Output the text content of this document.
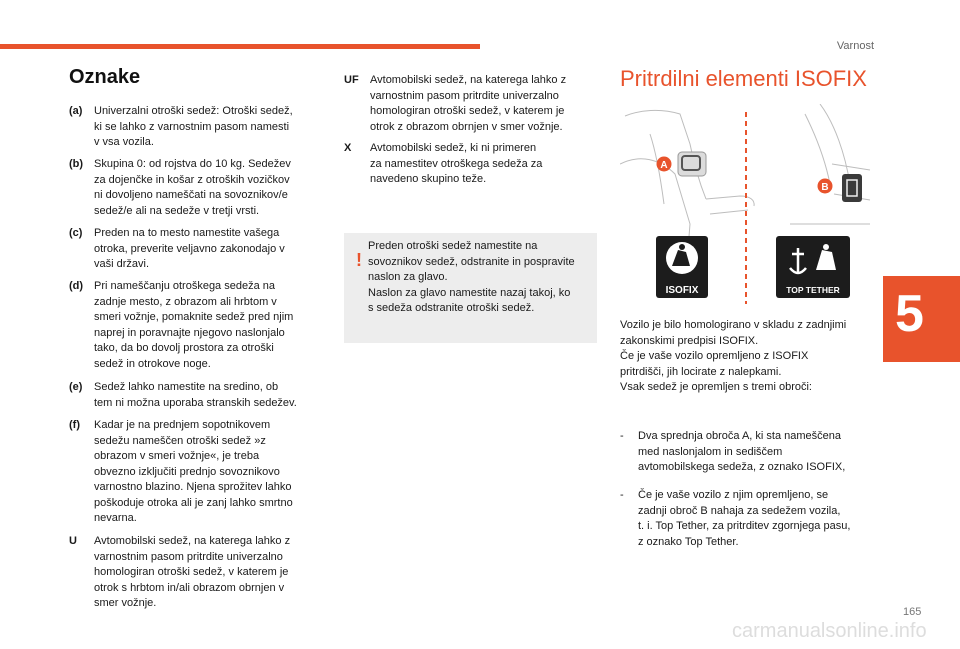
Varnost
Oznake
(a)	Univerzalni otroški sedež: Otroški sedež,
ki se lahko z varnostnim pasom namesti
v vsa vozila.
(b) Skupina 0: od rojstva do 10 kg. Sedežev
za dojenčke in košar z otroških vozičkov
ni dovoljeno nameščati na sovoznikov/e
sedež/e ali na sedeže v tretji vrsti.
(c)	Preden na to mesto namestite vašega
otroka, preverite veljavno zakonodajo v
vaši državi.
(d) Pri nameščanju otroškega sedeža na
zadnje mesto, z obrazom ali hrbtom v
smeri vožnje, pomaknite sedež pred njim
naprej in poravnajte njegovo naslonjalo
tako, da bo dovolj prostora za otroški
sedež in otrokove noge.
(e)	Sedež lahko namestite na sredino, ob
tem ni možna uporaba stranskih sedežev.
(f)	Kadar je na prednjem sopotnikovem
sedežu nameščen otroški sedež »z
obrazom v smeri vožnje«, je treba
obvezno izključiti prednjo sovoznikovo
varnostno blazino. Njena sprožitev lahko
poškoduje otroka ali je zanj lahko smrtno
nevarna.
U	Avtomobilski sedež, na katerega lahko z
varnostnim pasom pritrdite univerzalno
homologiran otroški sedež, v katerem je
otrok s hrbtom in/ali obrazom obrnjen v
smer vožnje.
UF	Avtomobilski sedež, na katerega lahko z
varnostnim pasom pritrdite univerzalno
homologiran otroški sedež, v katerem je
otrok z obrazom obrnjen v smer vožnje.
X	Avtomobilski sedež, ki ni primeren
za namestitev otroškega sedeža za
navedeno skupino teže.
!
Preden otroški sedež namestite na
sovoznikov sedež, odstranite in pospravite
naslon za glavo.
Naslon za glavo namestite nazaj takoj, ko
s sedeža odstranite otroški sedež.
Pritrdilni elementi ISOFIX
A
B
ISOFIX	TOP TETHER
Vozilo je bilo homologirano v skladu z zadnjimi
zakonskimi predpisi ISOFIX.
Če je vaše vozilo opremljeno z ISOFIX
pritrdišči, jih locirate z nalepkami.
Vsak sedež je opremljen s tremi obroči:
-	Dva sprednja obroča A, ki sta nameščena
med naslonjalom in sediščem
avtomobilskega sedeža, z oznako ISOFIX,
-	Če je vaše vozilo z njim opremljeno, se
zadnji obroč B nahaja za sedežem vozila,
t. i. Top Tether, za pritrditev zgornjega pasu,
z oznako Top Tether.
5
165
carmanualsonline.info
